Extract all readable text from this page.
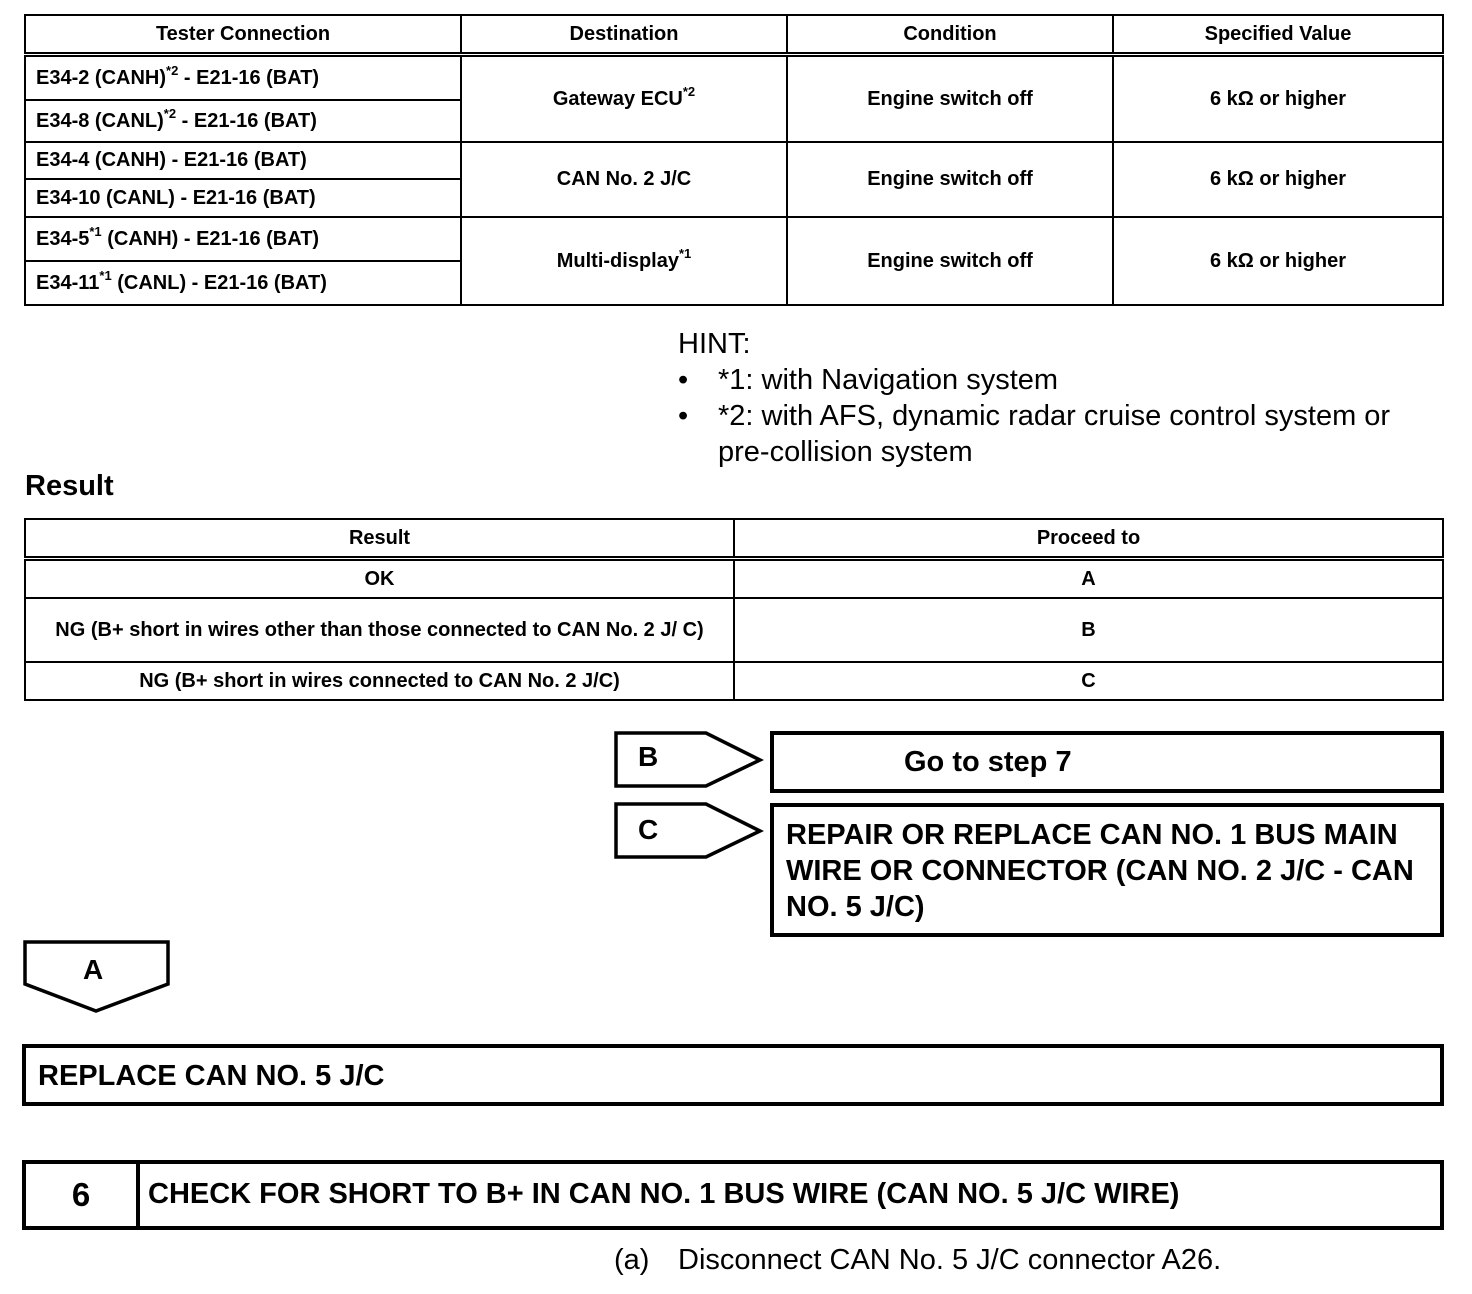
Tester Connection	Destination	Condition	Specified Value
E34-2 (CANH)$^{*2}$ - E21-16 (BAT)	Gateway ECU$^{*2}$	Engine switch off	6 kΩ or higher
E34-8 (CANL)$^{*2}$ - E21-16 (BAT)			
E34-4 (CANH) - E21-16 (BAT)	CAN No. 2 J/C	Engine switch off	6 kΩ or higher
E34-10 (CANL) - E21-16 (BAT)			
E34-5$^{*1}$ (CANH) - E21-16 (BAT)	Multi-display$^{*1}$	Engine switch off	6 kΩ or higher
E34-11$^{*1}$ (CANL) - E21-16 (BAT)			
HINT:
• *1: with Navigation system
• *2: with AFS, dynamic radar cruise control system or pre-collision system
Result
Result	Proceed to
OK	A
NG (B+ short in wires other than those connected to CAN No. 2 J/ C)	B
NG (B+ short in wires connected to CAN No. 2 J/C)	C
B	Go to step 7
C	REPAIR OR REPLACE CAN NO. 1 BUS MAIN WIRE OR CONNECTOR (CAN NO. 2 J/C - CAN NO. 5 J/C)
A
REPLACE CAN NO. 5 J/C
6	CHECK FOR SHORT TO B+ IN CAN NO. 1 BUS WIRE (CAN NO. 5 J/C WIRE)
(a) Disconnect CAN No. 5 J/C connector A26.
